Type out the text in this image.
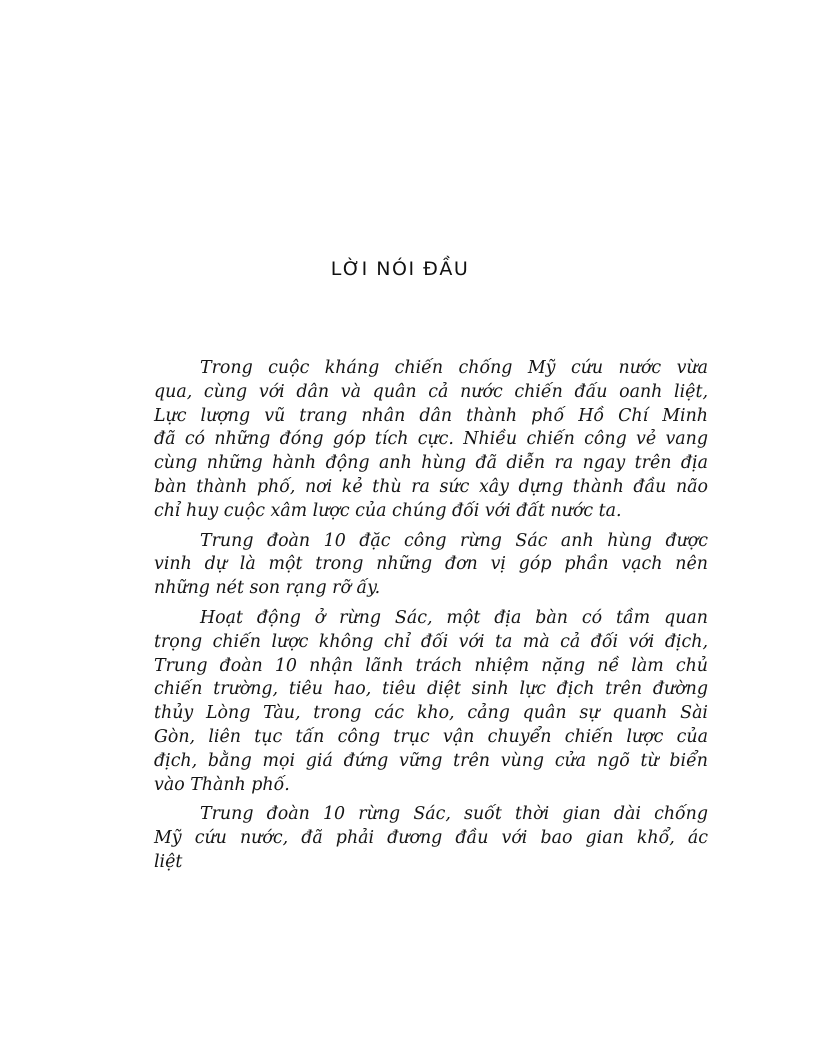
LỜI NÓI ĐẦU
Trong cuộc kháng chiến chống Mỹ cứu nước vừa
qua, cùng với dân và quân cả nước chiến đấu oanh liệt,
Lực lượng vũ trang nhân dân thành phố Hồ Chí Minh
đã có những đóng góp tích cực. Nhiều chiến công vẻ vang
cùng những hành động anh hùng đã diễn ra ngay trên địa
bàn thành phố, nơi kẻ thù ra sức xây dựng thành đầu não
chỉ huy cuộc xâm lược của chúng đối với đất nước ta.
Trung đoàn 10 đặc công rừng Sác anh hùng được
vinh dự là một trong những đơn vị góp phần vạch nên
những nét son rạng rỡ ấy.
Hoạt động ở rừng Sác, một địa bàn có tầm quan
trọng chiến lược không chỉ đối với ta mà cả đối với địch,
Trung đoàn 10 nhận lãnh trách nhiệm nặng nề làm chủ
chiến trường, tiêu hao, tiêu diệt sinh lực địch trên đường
thủy Lòng Tàu, trong các kho, cảng quân sự quanh Sài
Gòn, liên tục tấn công trục vận chuyển chiến lược của
địch, bằng mọi giá đứng vững trên vùng cửa ngõ từ biển
vào Thành phố.
Trung đoàn 10 rừng Sác, suốt thời gian dài chống
Mỹ cứu nước, đã phải đương đầu với bao gian khổ, ác
liệt
